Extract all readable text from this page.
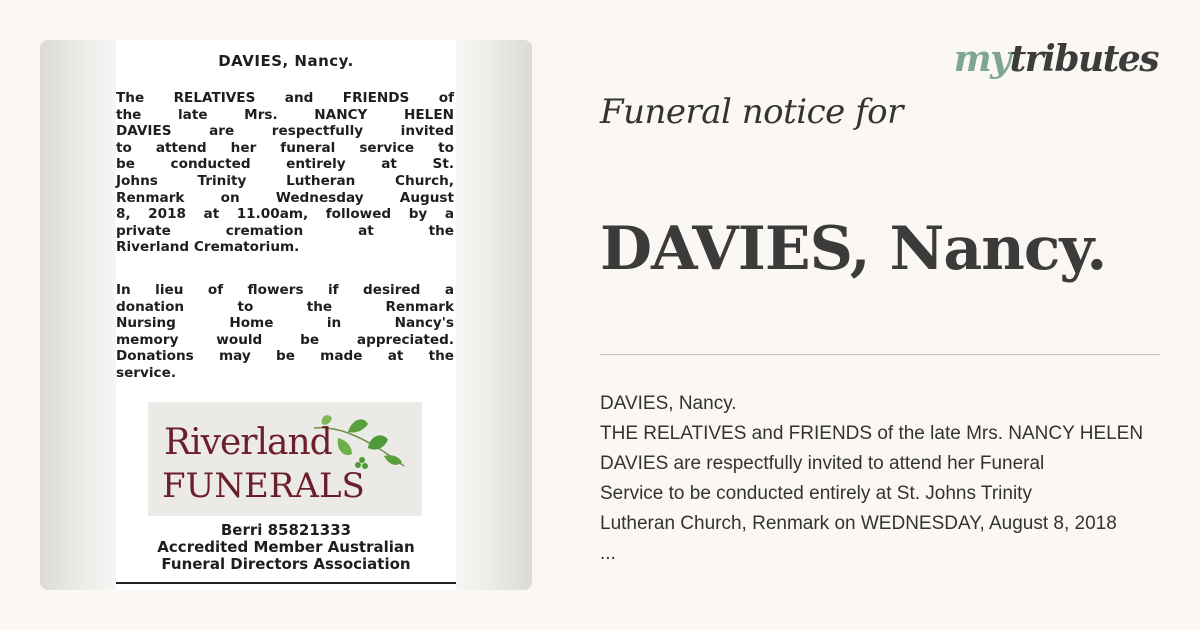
DAVIES, Nancy.
The RELATIVES and FRIENDS of
the late Mrs. NANCY HELEN
DAVIES are respectfully invited
to attend her funeral service to
be conducted entirely at St.
Johns Trinity Lutheran Church,
Renmark on Wednesday August
8, 2018 at 11.00am, followed by a
private cremation at the
Riverland Crematorium.
In lieu of flowers if desired a
donation to the Renmark
Nursing Home in Nancy's
memory would be appreciated.
Donations may be made at the
service.
Riverland
FUNERALS
Berri 85821333
Accredited Member Australian
Funeral Directors Association
mytributes
Funeral notice for
DAVIES, Nancy.
DAVIES, Nancy.
THE RELATIVES and FRIENDS of the late Mrs. NANCY HELEN
DAVIES are respectfully invited to attend her Funeral
Service to be conducted entirely at St. Johns Trinity
Lutheran Church, Renmark on WEDNESDAY, August 8, 2018
...
